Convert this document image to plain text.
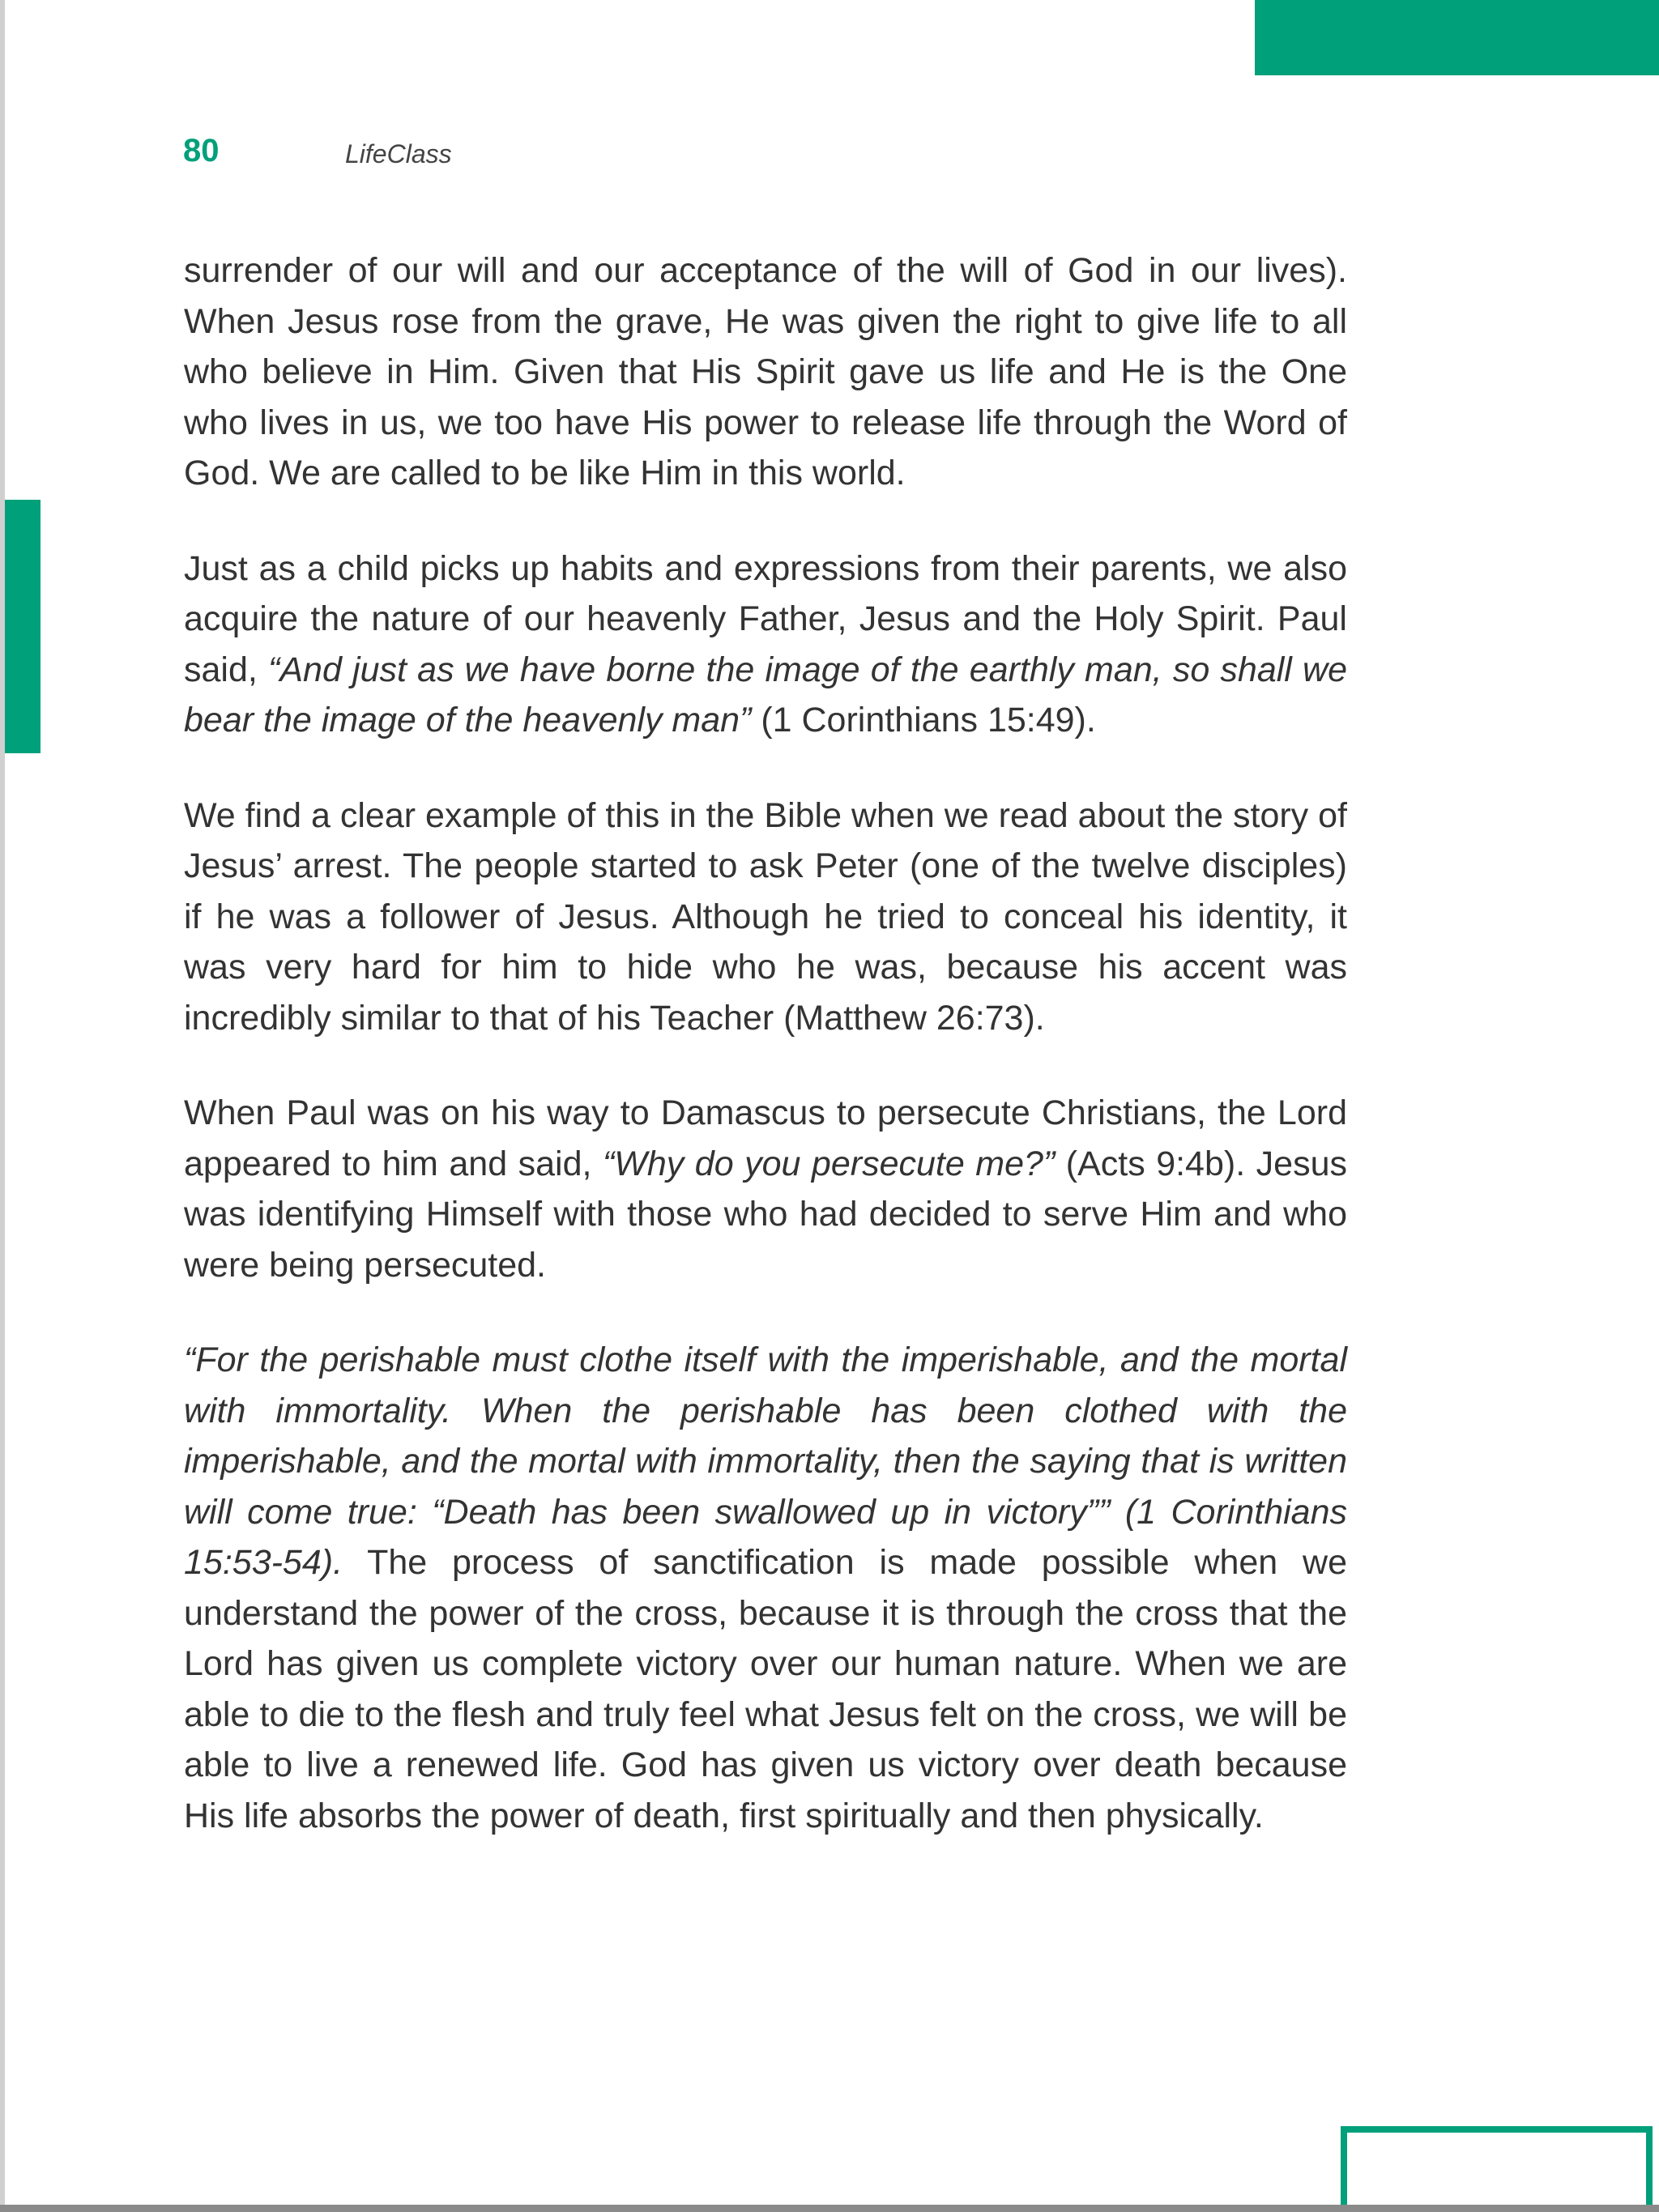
80	LifeClass

surrender of our will and our acceptance of the will of God in our lives). When Jesus rose from the grave, He was given the right to give life to all who believe in Him. Given that His Spirit gave us life and He is the One who lives in us, we too have His power to release life through the Word of God. We are called to be like Him in this world.

Just as a child picks up habits and expressions from their parents, we also acquire the nature of our heavenly Father, Jesus and the Holy Spirit. Paul said, “And just as we have borne the image of the earthly man, so shall we bear the image of the heavenly man” (1 Corinthians 15:49).

We find a clear example of this in the Bible when we read about the story of Jesus’ arrest. The people started to ask Peter (one of the twelve disciples) if he was a follower of Jesus. Although he tried to conceal his identity, it was very hard for him to hide who he was, because his accent was incredibly similar to that of his Teacher (Matthew 26:73).

When Paul was on his way to Damascus to persecute Christians, the Lord appeared to him and said, “Why do you persecute me?” (Acts 9:4b). Jesus was identifying Himself with those who had decided to serve Him and who were being persecuted.

“For the perishable must clothe itself with the imperishable, and the mortal with immortality. When the perishable has been clothed with the imperishable, and the mortal with immortality, then the saying that is written will come true: “Death has been swallowed up in victory”” (1 Corinthians 15:53-54). The process of sanctification is made possible when we understand the power of the cross, because it is through the cross that the Lord has given us complete victory over our human nature. When we are able to die to the flesh and truly feel what Jesus felt on the cross, we will be able to live a renewed life. God has given us victory over death because His life absorbs the power of death, first spiritually and then physically.
